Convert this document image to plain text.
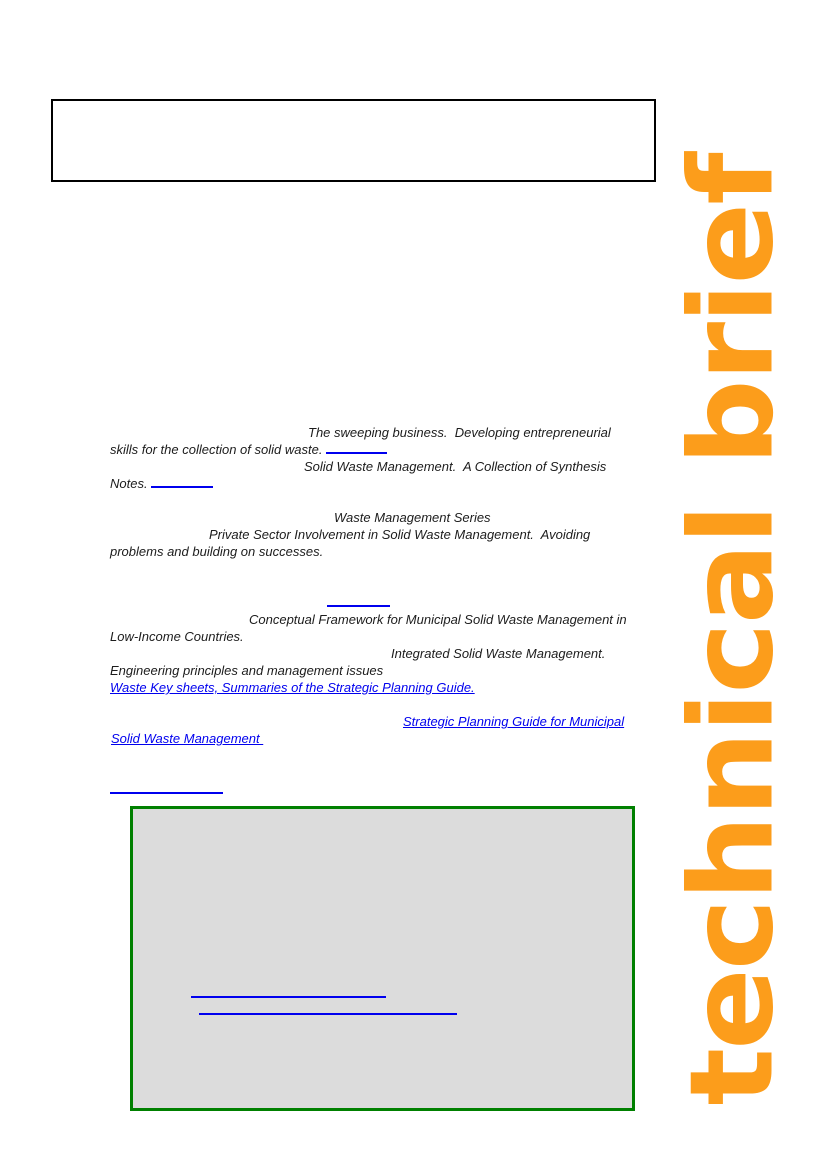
technical brief
The sweeping business.  Developing entrepreneurial
skills for the collection of solid waste.
Solid Waste Management.  A Collection of Synthesis
Notes.
Waste Management Series
Private Sector Involvement in Solid Waste Management.  Avoiding
problems and building on successes.
Conceptual Framework for Municipal Solid Waste Management in
Low-Income Countries.
Integrated Solid Waste Management.
Engineering principles and management issues
Waste Key sheets, Summaries of the Strategic Planning Guide.
Strategic Planning Guide for Municipal
Solid Waste Management
